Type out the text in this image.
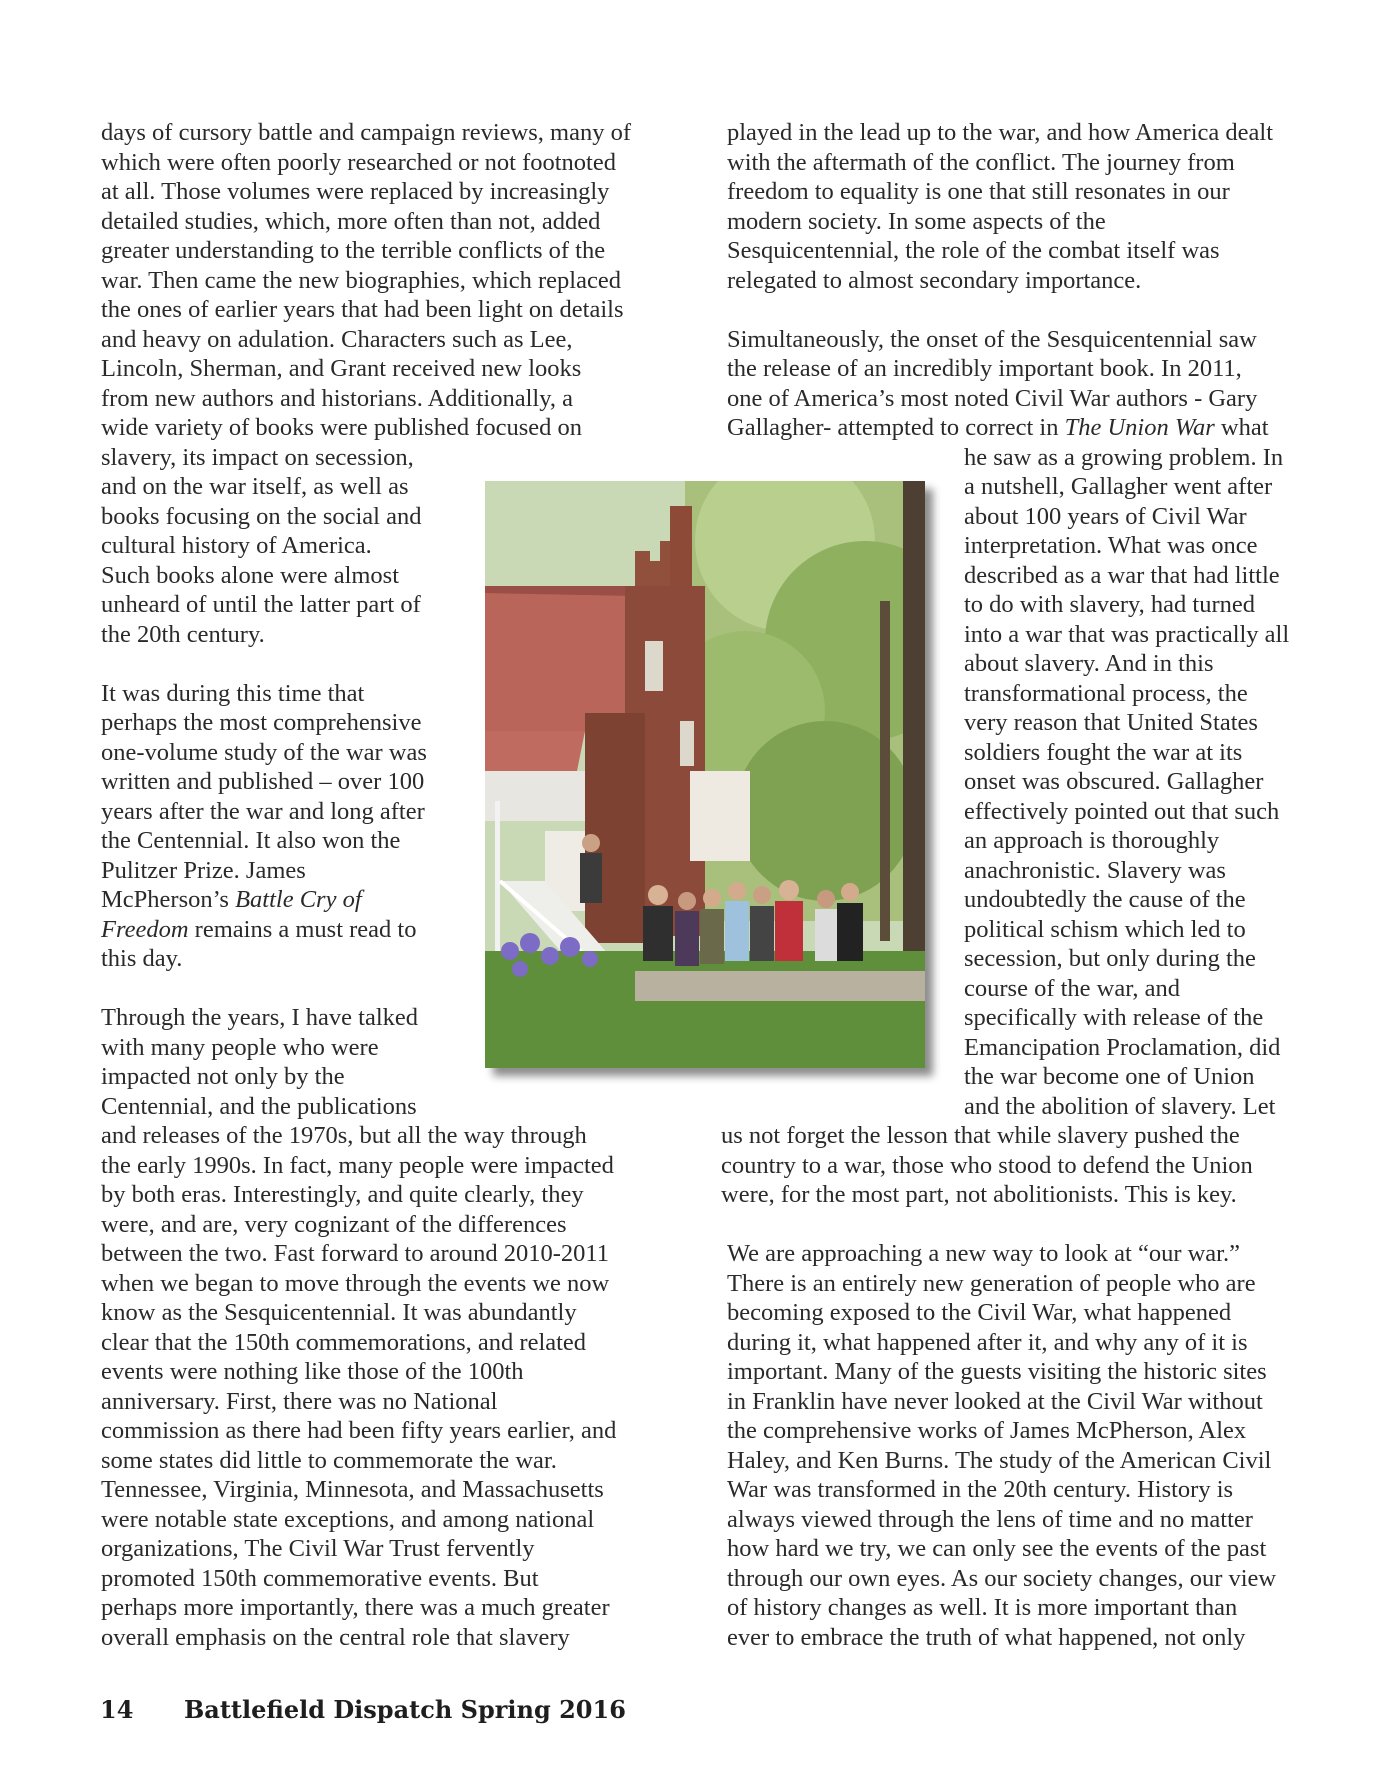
14 Battlefield Dispatch Spring 2016
days of cursory battle and campaign reviews, many of
which were often poorly researched or not footnoted
at all. Those volumes were replaced by increasingly
detailed studies, which, more often than not, added
greater understanding to the terrible conflicts of the
war. Then came the new biographies, which replaced
the ones of earlier years that had been light on details
and heavy on adulation. Characters such as Lee,
Lincoln, Sherman, and Grant received new looks
from new authors and historians. Additionally, a
wide variety of books were published focused on
slavery, its impact on secession,
and on the war itself, as well as
books focusing on the social and
cultural history of America.
Such books alone were almost
unheard of until the latter part of
the 20th century.
It was during this time that
perhaps the most comprehensive
one-volume study of the war was
written and published – over 100
years after the war and long after
the Centennial. It also won the
Pulitzer Prize. James
McPherson’s Battle Cry of
Freedom remains a must read to
this day.
Through the years, I have talked
with many people who were
impacted not only by the
Centennial, and the publications
and releases of the 1970s, but all the way through
the early 1990s. In fact, many people were impacted
by both eras. Interestingly, and quite clearly, they
were, and are, very cognizant of the differences
between the two. Fast forward to around 2010-2011
when we began to move through the events we now
know as the Sesquicentennial. It was abundantly
clear that the 150th commemorations, and related
events were nothing like those of the 100th
anniversary. First, there was no National
commission as there had been fifty years earlier, and
some states did little to commemorate the war.
Tennessee, Virginia, Minnesota, and Massachusetts
were notable state exceptions, and among national
organizations, The Civil War Trust fervently
promoted 150th commemorative events. But
perhaps more importantly, there was a much greater
overall emphasis on the central role that slavery
played in the lead up to the war, and how America dealt
with the aftermath of the conflict. The journey from
freedom to equality is one that still resonates in our
modern society. In some aspects of the
Sesquicentennial, the role of the combat itself was
relegated to almost secondary importance.
Simultaneously, the onset of the Sesquicentennial saw
the release of an incredibly important book. In 2011,
one of America’s most noted Civil War authors - Gary
Gallagher- attempted to correct in The Union War what
he saw as a growing problem. In
a nutshell, Gallagher went after
about 100 years of Civil War
interpretation. What was once
described as a war that had little
to do with slavery, had turned
into a war that was practically all
about slavery. And in this
transformational process, the
very reason that United States
soldiers fought the war at its
onset was obscured. Gallagher
effectively pointed out that such
an approach is thoroughly
anachronistic. Slavery was
undoubtedly the cause of the
political schism which led to
secession, but only during the
course of the war, and
specifically with release of the
Emancipation Proclamation, did
the war become one of Union
and the abolition of slavery. Let
us not forget the lesson that while slavery pushed the
country to a war, those who stood to defend the Union
were, for the most part, not abolitionists. This is key.
We are approaching a new way to look at “our war.”
There is an entirely new generation of people who are
becoming exposed to the Civil War, what happened
during it, what happened after it, and why any of it is
important. Many of the guests visiting the historic sites
in Franklin have never looked at the Civil War without
the comprehensive works of James McPherson, Alex
Haley, and Ken Burns. The study of the American Civil
War was transformed in the 20th century. History is
always viewed through the lens of time and no matter
how hard we try, we can only see the events of the past
through our own eyes. As our society changes, our view
of history changes as well. It is more important than
ever to embrace the truth of what happened, not only
